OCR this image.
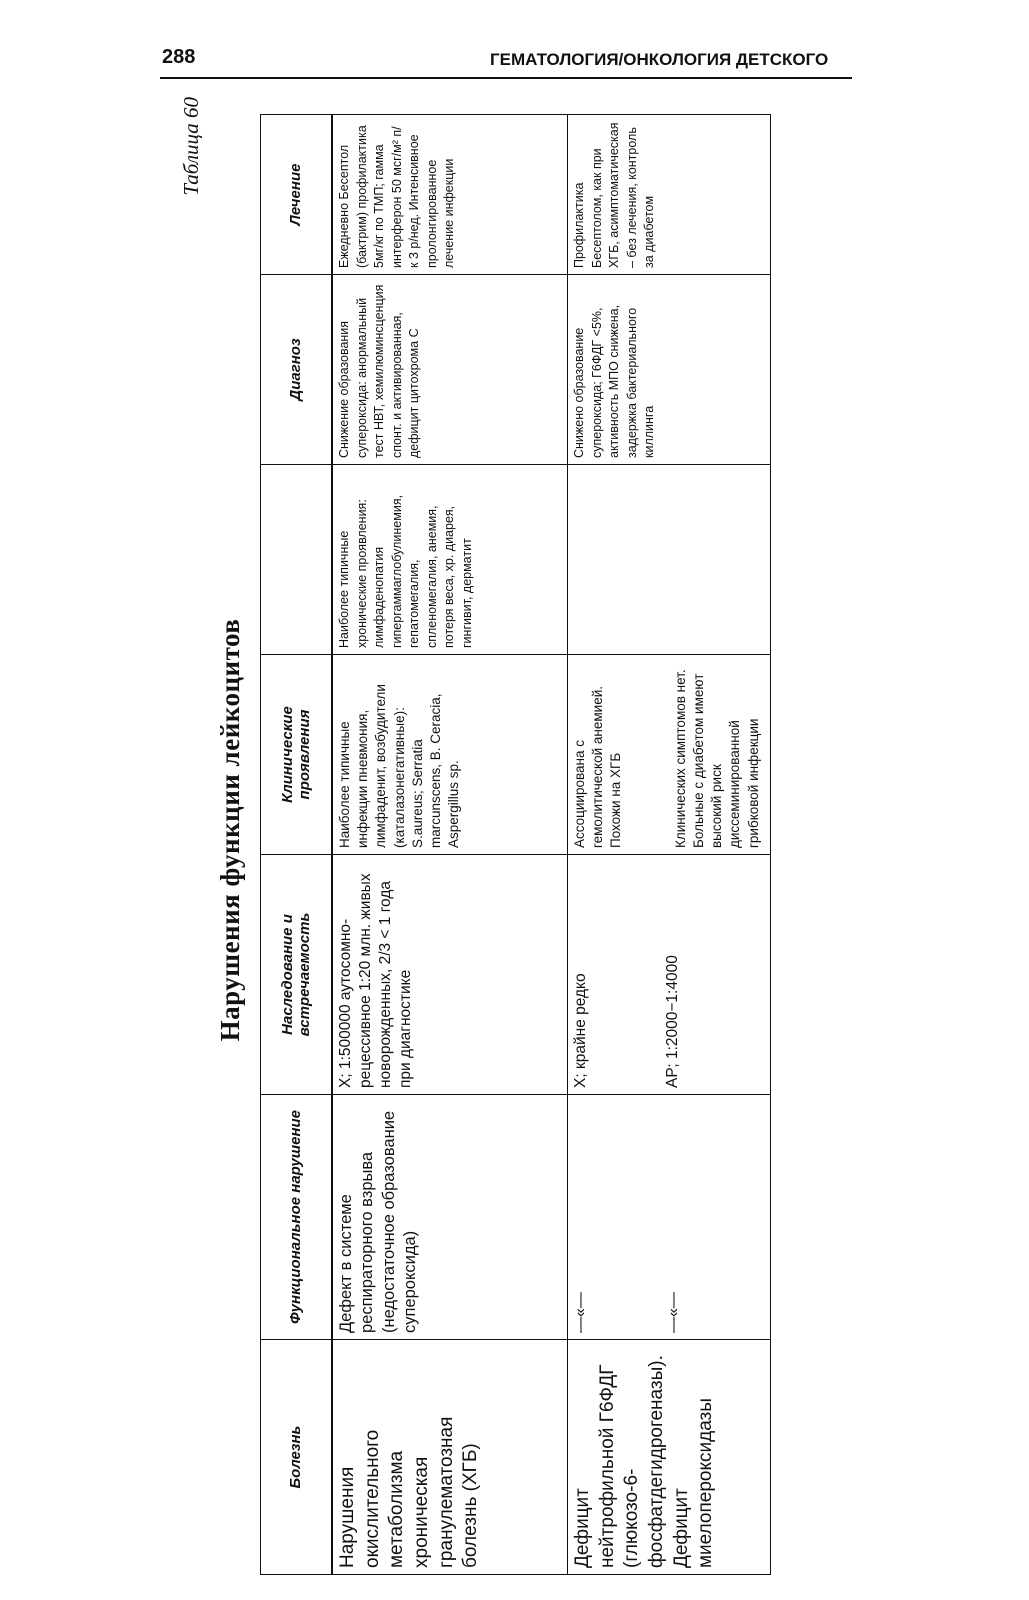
288	ГЕМАТОЛОГИЯ/ОНКОЛОГИЯ ДЕТСКОГО
Таблица 60
Нарушения функции лейкоцитов
Болезнь	Функциональное нарушение	Наследование и встречаемость	Клинические проявления		Диагноз	Лечение
Нарушения окислительного метаболизма хроническая гранулематозная болезнь (ХГБ)	Дефект в системе респираторного взрыва (недостаточное образование супероксида)	Х; 1:500000 аутосомно-рецессивное 1:20 млн. живых новорожденных, 2/3 < 1 года при диагностике	Наиболее типичные инфекции пневмония, лимфаденит, возбудители (каталазонегативные): S.aureus; Serratia marcunscens, B. Ceracia, Aspergillus sp.	Наиболее типичные хронические проявления: лимфаденопатия гипергаммаглобулинемия, гепатомегалия, спленомегалия, анемия, потеря веса, хр. диарея, гингивит, дерматит	Снижение образования супероксида: анормальный тест НВТ, хемилюминсценция спонт. и активированная, дефицит цитохрома С	Ежедневно Бесептол (бактрим) профилактика 5мг/кг по ТМП; гамма интерферон 50 мсг/м² п/к 3 р/нед. Интенсивное пролонгированное лечение инфекции
Дефицит нейтрофильной Г6ФДГ (глюкозо-6-фосфатдегидрогеназы). Дефицит миелопероксидазы	—«— —«—	Х; крайне редко АР; 1:2000−1:4000	Ассоциирована с гемолитической анемией. Похожи на ХГБ Клинических симптомов нет. Больные с диабетом имеют высокий риск диссеминированной грибковой инфекции		Снижено образование супероксида; Г6ФДГ <5%, активность МПО снижена, задержка бактериального киллинга	Профилактика Бесептолом, как при ХГБ, асимптоматическая – без лечения, контроль за диабетом
